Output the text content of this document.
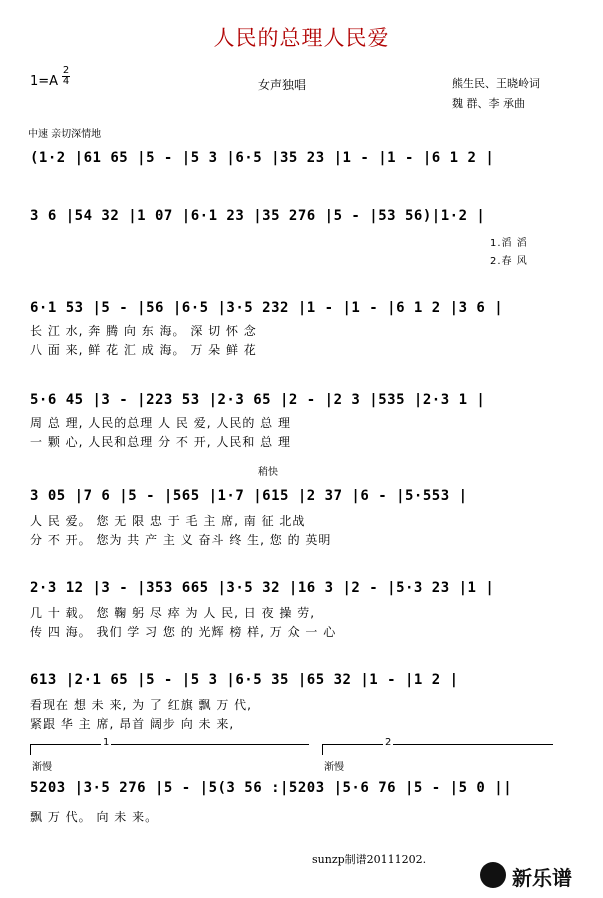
人民的总理人民爱
1=A
2
4	女声独唱	熊生民、王晓岭词
魏 群、李 承曲
中速 亲切深情地
(1·2 |61 65 |5 - |5 3 |6·5 |35 23 |1 - |1 - |6 1 2 |
3 6 |54 32 |1 07 |6·1 23 |35 276 |5 - |53 56)|1·2 |
1.滔 滔
2.春 风
6·1 53 |5 - |56 |6·5 |3·5 232 |1 - |1 - |6 1 2 |3 6 |
长 江 水, 奔 腾 向 东 海。 深 切 怀 念
八 面 来, 鲜 花 汇 成 海。 万 朵 鲜 花
5·6 45 |3 - |223 53 |2·3 65 |2 - |2 3 |535 |2·3 1 |
周 总 理, 人民的总理 人 民 爱, 人民的 总 理
一 颗 心, 人民和总理 分 不 开, 人民和 总 理
稍快
3 05 |7 6 |5 - |565 |1·7 |615 |2 37 |6 - |5·553 |
人 民 爱。 您 无 限 忠 于 毛 主 席, 南 征 北战
分 不 开。 您为 共 产 主 义 奋斗 终 生, 您 的 英明
2·3 12 |3 - |353 665 |3·5 32 |16 3 |2 - |5·3 23 |1 |
几 十 载。 您 鞠 躬 尽 瘁 为 人 民, 日 夜 操 劳,
传 四 海。 我们 学 习 您 的 光辉 榜 样, 万 众 一 心
613 |2·1 65 |5 - |5 3 |6·5 35 |65 32 |1 - |1 2 |
看现在 想 未 来, 为 了 红旗 飘 万 代,
紧跟 华 主 席, 昂首 阔步 向 未 来,
1	2
渐慢	渐慢
5203 |3·5 276 |5 - |5(3 56 :|5203 |5·6 76 |5 - |5 0 ||
飘 万 代。 向 未 来。
sunzp制谱20111202.
新乐谱
